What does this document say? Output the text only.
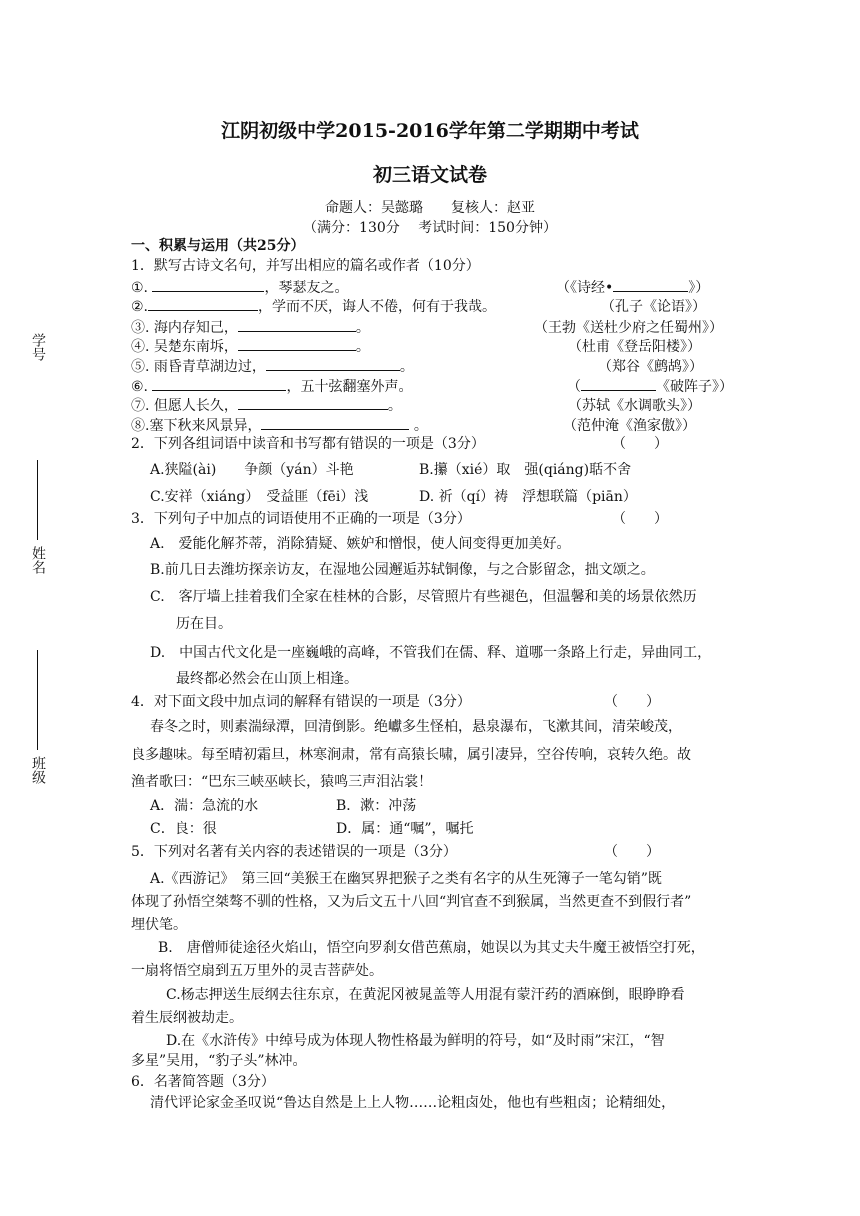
学号
姓名
班级
江阴初级中学2015-2016学年第二学期期中考试
初三语文试卷
命题人：吴懿璐　　复核人：赵亚
（满分：130分　 考试时间：150分钟）
一、积累与运用（共25分）
1．默写古诗文名句，并写出相应的篇名或作者（10分）
①.	，琴瑟友之。	（《诗经•	》）
②.	，学而不厌，诲人不倦，何有于我哉。	（孔子《论语》）
③. 海内存知己，	。	（王勃《送杜少府之任蜀州》）
④. 吴楚东南坼，	。	（杜甫《登岳阳楼》）
⑤. 雨昏青草湖边过，	。	（郑谷《鹧鸪》）
⑥.	，五十弦翻塞外声。	（	《破阵子》）
⑦. 但愿人长久，	。	（苏轼《水调歌头》）
⑧.塞下秋来风景异，	。	（范仲淹《渔家傲》）
2．下列各组词语中读音和书写都有错误的一项是（3分）	（　　）
A.狭隘(ài)　　争颜（yán）斗艳	B.攥（xié）取　强(qiáng)聒不舍
C.安祥（xiáng）　受益匪（fēi）浅	D. 祈（qí）祷　浮想联篇（piān）
3．下列句子中加点的词语使用不正确的一项是（3分）	（　　）
A.　爱能化解芥蒂，消除猜疑、嫉妒和憎恨，使人间变得更加美好。
B.前几日去潍坊探亲访友，在湿地公园邂逅苏轼铜像，与之合影留念，拙文颂之。
C.　客厅墙上挂着我们全家在桂林的合影，尽管照片有些褪色，但温馨和美的场景依然历
历在目。
D.　中国古代文化是一座巍峨的高峰，不管我们在儒、释、道哪一条路上行走，异曲同工，
最终都必然会在山顶上相逢。
4．对下面文段中加点词的解释有错误的一项是（3分）	（　　）
春冬之时，则素湍绿潭，回清倒影。绝巘多生怪柏，悬泉瀑布，飞漱其间，清荣峻茂，
良多趣味。每至晴初霜旦，林寒涧肃，常有高猿长啸，属引凄异，空谷传响，哀转久绝。故
渔者歌曰：“巴东三峡巫峡长，猿鸣三声泪沾裳！
A．湍：急流的水	B．漱：冲荡
C．良：很	D．属：通“嘱”，嘱托
5．下列对名著有关内容的表述错误的一项是（3分）	（　　）
A.《西游记》　第三回“美猴王在幽冥界把猴子之类有名字的从生死簿子一笔勾销”既
体现了孙悟空桀骜不驯的性格，又为后文五十八回“判官查不到猴属，当然更查不到假行者”
埋伏笔。
B.　唐僧师徒途径火焰山，悟空向罗刹女借芭蕉扇，她误以为其丈夫牛魔王被悟空打死，
一扇将悟空扇到五万里外的灵吉菩萨处。
C.杨志押送生辰纲去往东京，在黄泥冈被晁盖等人用混有蒙汗药的酒麻倒，眼睁睁看
着生辰纲被劫走。
D.在《水浒传》中绰号成为体现人物性格最为鲜明的符号，如“及时雨”宋江，“智
多星”吴用，“豹子头”林冲。
6．名著简答题（3分）
清代评论家金圣叹说“鲁达自然是上上人物……论粗卤处，他也有些粗卤；论精细处，
